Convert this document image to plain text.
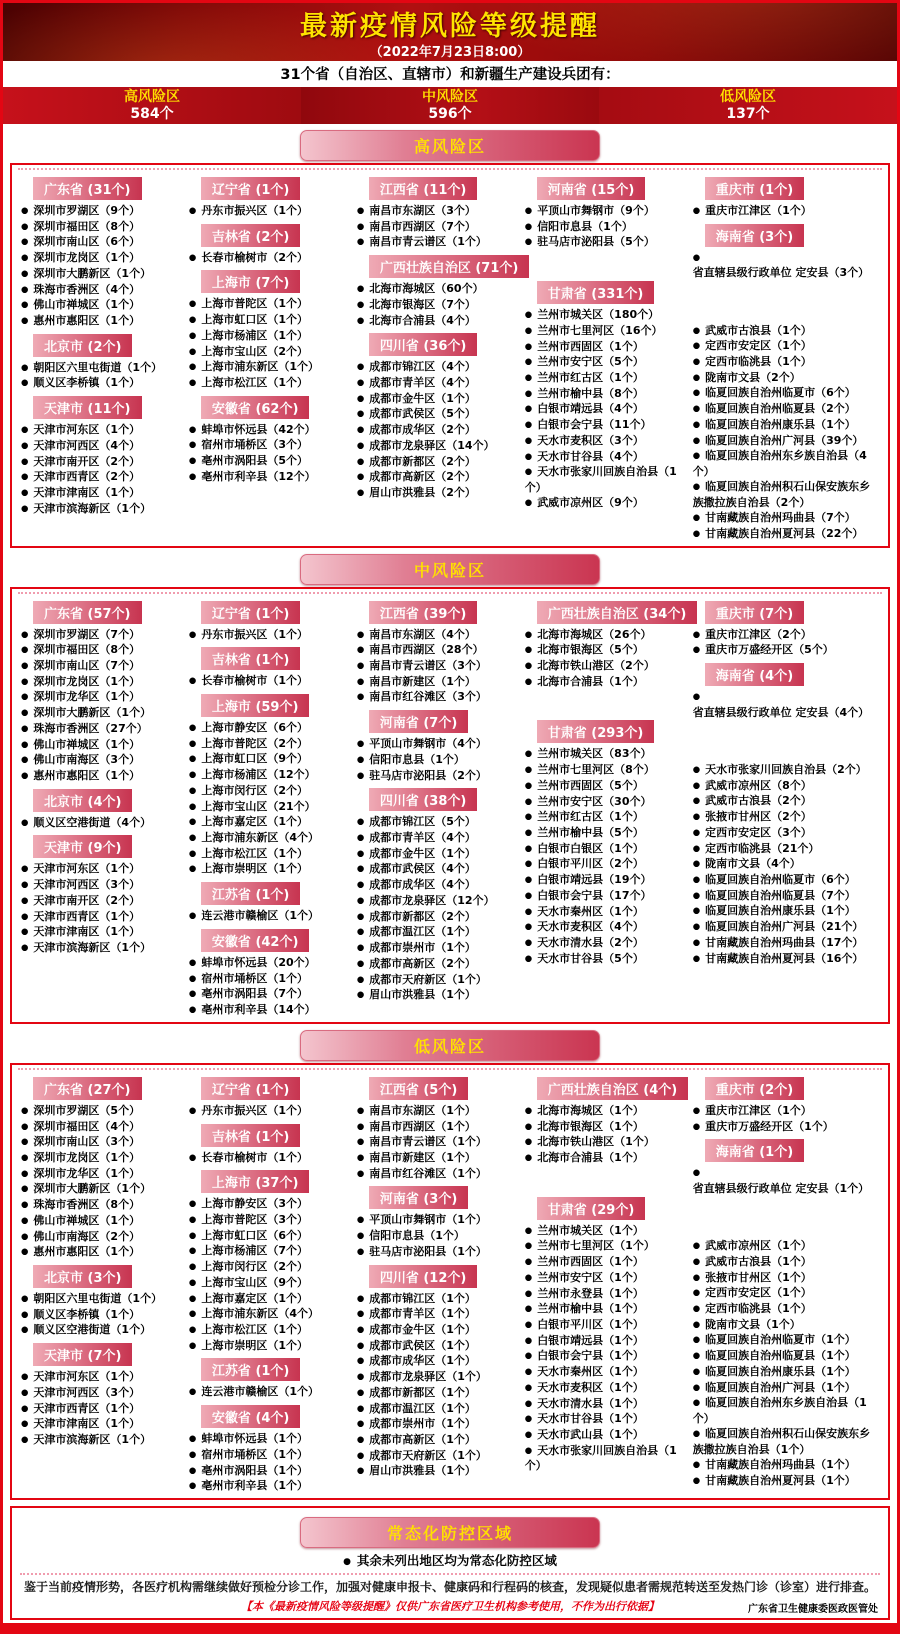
最新疫情风险等级提醒
（2022年7月23日8:00）
31个省（自治区、直辖市）和新疆生产建设兵团有：
高风险区
584个
中风险区
596个
低风险区
137个
高风险区
广东省 (31个)
● 深圳市罗湖区（9个）
● 深圳市福田区（8个）
● 深圳市南山区（6个）
● 深圳市龙岗区（1个）
● 深圳市大鹏新区（1个）
● 珠海市香洲区（4个）
● 佛山市禅城区（1个）
● 惠州市惠阳区（1个）
北京市 (2个)
● 朝阳区六里屯街道（1个）
● 顺义区李桥镇（1个）
天津市 (11个)
● 天津市河东区（1个）
● 天津市河西区（4个）
● 天津市南开区（2个）
● 天津市西青区（2个）
● 天津市津南区（1个）
● 天津市滨海新区（1个）
辽宁省 (1个)
● 丹东市振兴区（1个）
吉林省 (2个)
● 长春市榆树市（2个）
上海市 (7个)
● 上海市普陀区（1个）
● 上海市虹口区（1个）
● 上海市杨浦区（1个）
● 上海市宝山区（2个）
● 上海市浦东新区（1个）
● 上海市松江区（1个）
安徽省 (62个)
● 蚌埠市怀远县（42个）
● 宿州市埇桥区（3个）
● 亳州市涡阳县（5个）
● 亳州市利辛县（12个）
江西省 (11个)
● 南昌市东湖区（3个）
● 南昌市西湖区（7个）
● 南昌市青云谱区（1个）
广西壮族自治区 (71个)
● 北海市海城区（60个）
● 北海市银海区（7个）
● 北海市合浦县（4个）
四川省 (36个)
● 成都市锦江区（4个）
● 成都市青羊区（4个）
● 成都市金牛区（1个）
● 成都市武侯区（5个）
● 成都市成华区（2个）
● 成都市龙泉驿区（14个）
● 成都市新都区（2个）
● 成都市高新区（2个）
● 眉山市洪雅县（2个）
河南省 (15个)
● 平顶山市舞钢市（9个）
● 信阳市息县（1个）
● 驻马店市泌阳县（5个）
甘肃省 (331个)
● 兰州市城关区（180个）
● 兰州市七里河区（16个）
● 兰州市西固区（1个）
● 兰州市安宁区（5个）
● 兰州市红古区（1个）
● 兰州市榆中县（8个）
● 白银市靖远县（4个）
● 白银市会宁县（11个）
● 天水市麦积区（3个）
● 天水市甘谷县（4个）
● 天水市张家川回族自治县（1个）
● 武威市凉州区（9个）
重庆市 (1个)
● 重庆市江津区（1个）
海南省 (3个)
● 省直辖县级行政单位 定安县（3个）
● 武威市古浪县（1个）
● 定西市安定区（1个）
● 定西市临洮县（1个）
● 陇南市文县（2个）
● 临夏回族自治州临夏市（6个）
● 临夏回族自治州临夏县（2个）
● 临夏回族自治州康乐县（1个）
● 临夏回族自治州广河县（39个）
● 临夏回族自治州东乡族自治县（4个）
● 临夏回族自治州积石山保安族东乡族撒拉族自治县（2个）
● 甘南藏族自治州玛曲县（7个）
● 甘南藏族自治州夏河县（22个）
中风险区
广东省 (57个)
● 深圳市罗湖区（7个）
● 深圳市福田区（8个）
● 深圳市南山区（7个）
● 深圳市龙岗区（1个）
● 深圳市龙华区（1个）
● 深圳市大鹏新区（1个）
● 珠海市香洲区（27个）
● 佛山市禅城区（1个）
● 佛山市南海区（3个）
● 惠州市惠阳区（1个）
北京市 (4个)
● 顺义区空港街道（4个）
天津市 (9个)
● 天津市河东区（1个）
● 天津市河西区（3个）
● 天津市南开区（2个）
● 天津市西青区（1个）
● 天津市津南区（1个）
● 天津市滨海新区（1个）
辽宁省 (1个)
● 丹东市振兴区（1个）
吉林省 (1个)
● 长春市榆树市（1个）
上海市 (59个)
● 上海市静安区（6个）
● 上海市普陀区（2个）
● 上海市虹口区（9个）
● 上海市杨浦区（12个）
● 上海市闵行区（2个）
● 上海市宝山区（21个）
● 上海市嘉定区（1个）
● 上海市浦东新区（4个）
● 上海市松江区（1个）
● 上海市崇明区（1个）
江苏省 (1个)
● 连云港市赣榆区（1个）
安徽省 (42个)
● 蚌埠市怀远县（20个）
● 宿州市埇桥区（1个）
● 亳州市涡阳县（7个）
● 亳州市利辛县（14个）
江西省 (39个)
● 南昌市东湖区（4个）
● 南昌市西湖区（28个）
● 南昌市青云谱区（3个）
● 南昌市新建区（1个）
● 南昌市红谷滩区（3个）
河南省 (7个)
● 平顶山市舞钢市（4个）
● 信阳市息县（1个）
● 驻马店市泌阳县（2个）
四川省 (38个)
● 成都市锦江区（5个）
● 成都市青羊区（4个）
● 成都市金牛区（1个）
● 成都市武侯区（4个）
● 成都市成华区（4个）
● 成都市龙泉驿区（12个）
● 成都市新都区（2个）
● 成都市温江区（1个）
● 成都市崇州市（1个）
● 成都市高新区（2个）
● 成都市天府新区（1个）
● 眉山市洪雅县（1个）
广西壮族自治区 (34个)
● 北海市海城区（26个）
● 北海市银海区（5个）
● 北海市铁山港区（2个）
● 北海市合浦县（1个）
甘肃省 (293个)
● 兰州市城关区（83个）
● 兰州市七里河区（8个）
● 兰州市西固区（5个）
● 兰州市安宁区（30个）
● 兰州市红古区（1个）
● 兰州市榆中县（5个）
● 白银市白银区（1个）
● 白银市平川区（2个）
● 白银市靖远县（19个）
● 白银市会宁县（17个）
● 天水市秦州区（1个）
● 天水市麦积区（4个）
● 天水市清水县（2个）
● 天水市甘谷县（5个）
重庆市 (7个)
● 重庆市江津区（2个）
● 重庆市万盛经开区（5个）
海南省 (4个)
● 省直辖县级行政单位 定安县（4个）
● 天水市张家川回族自治县（2个）
● 武威市凉州区（8个）
● 武威市古浪县（2个）
● 张掖市甘州区（2个）
● 定西市安定区（3个）
● 定西市临洮县（21个）
● 陇南市文县（4个）
● 临夏回族自治州临夏市（6个）
● 临夏回族自治州临夏县（7个）
● 临夏回族自治州康乐县（1个）
● 临夏回族自治州广河县（21个）
● 甘南藏族自治州玛曲县（17个）
● 甘南藏族自治州夏河县（16个）
低风险区
广东省 (27个)
● 深圳市罗湖区（5个）
● 深圳市福田区（4个）
● 深圳市南山区（3个）
● 深圳市龙岗区（1个）
● 深圳市龙华区（1个）
● 深圳市大鹏新区（1个）
● 珠海市香洲区（8个）
● 佛山市禅城区（1个）
● 佛山市南海区（2个）
● 惠州市惠阳区（1个）
北京市 (3个)
● 朝阳区六里屯街道（1个）
● 顺义区李桥镇（1个）
● 顺义区空港街道（1个）
天津市 (7个)
● 天津市河东区（1个）
● 天津市河西区（3个）
● 天津市西青区（1个）
● 天津市津南区（1个）
● 天津市滨海新区（1个）
辽宁省 (1个)
● 丹东市振兴区（1个）
吉林省 (1个)
● 长春市榆树市（1个）
上海市 (37个)
● 上海市静安区（3个）
● 上海市普陀区（3个）
● 上海市虹口区（6个）
● 上海市杨浦区（7个）
● 上海市闵行区（2个）
● 上海市宝山区（9个）
● 上海市嘉定区（1个）
● 上海市浦东新区（4个）
● 上海市松江区（1个）
● 上海市崇明区（1个）
江苏省 (1个)
● 连云港市赣榆区（1个）
安徽省 (4个)
● 蚌埠市怀远县（1个）
● 宿州市埇桥区（1个）
● 亳州市涡阳县（1个）
● 亳州市利辛县（1个）
江西省 (5个)
● 南昌市东湖区（1个）
● 南昌市西湖区（1个）
● 南昌市青云谱区（1个）
● 南昌市新建区（1个）
● 南昌市红谷滩区（1个）
河南省 (3个)
● 平顶山市舞钢市（1个）
● 信阳市息县（1个）
● 驻马店市泌阳县（1个）
四川省 (12个)
● 成都市锦江区（1个）
● 成都市青羊区（1个）
● 成都市金牛区（1个）
● 成都市武侯区（1个）
● 成都市成华区（1个）
● 成都市龙泉驿区（1个）
● 成都市新都区（1个）
● 成都市温江区（1个）
● 成都市崇州市（1个）
● 成都市高新区（1个）
● 成都市天府新区（1个）
● 眉山市洪雅县（1个）
广西壮族自治区 (4个)
● 北海市海城区（1个）
● 北海市银海区（1个）
● 北海市铁山港区（1个）
● 北海市合浦县（1个）
甘肃省 (29个)
● 兰州市城关区（1个）
● 兰州市七里河区（1个）
● 兰州市西固区（1个）
● 兰州市安宁区（1个）
● 兰州市永登县（1个）
● 兰州市榆中县（1个）
● 白银市平川区（1个）
● 白银市靖远县（1个）
● 白银市会宁县（1个）
● 天水市秦州区（1个）
● 天水市麦积区（1个）
● 天水市清水县（1个）
● 天水市甘谷县（1个）
● 天水市武山县（1个）
● 天水市张家川回族自治县（1个）
重庆市 (2个)
● 重庆市江津区（1个）
● 重庆市万盛经开区（1个）
海南省 (1个)
● 省直辖县级行政单位 定安县（1个）
● 武威市凉州区（1个）
● 武威市古浪县（1个）
● 张掖市甘州区（1个）
● 定西市安定区（1个）
● 定西市临洮县（1个）
● 陇南市文县（1个）
● 临夏回族自治州临夏市（1个）
● 临夏回族自治州临夏县（1个）
● 临夏回族自治州康乐县（1个）
● 临夏回族自治州广河县（1个）
● 临夏回族自治州东乡族自治县（1个）
● 临夏回族自治州积石山保安族东乡族撒拉族自治县（1个）
● 甘南藏族自治州玛曲县（1个）
● 甘南藏族自治州夏河县（1个）
常态化防控区域
● 其余未列出地区均为常态化防控区域
鉴于当前疫情形势，各医疗机构需继续做好预检分诊工作，加强对健康申报卡、健康码和行程码的核查，发现疑似患者需规范转送至发热门诊（诊室）进行排查。
【本《最新疫情风险等级提醒》仅供广东省医疗卫生机构参考使用，不作为出行依据】	广东省卫生健康委医政医管处
